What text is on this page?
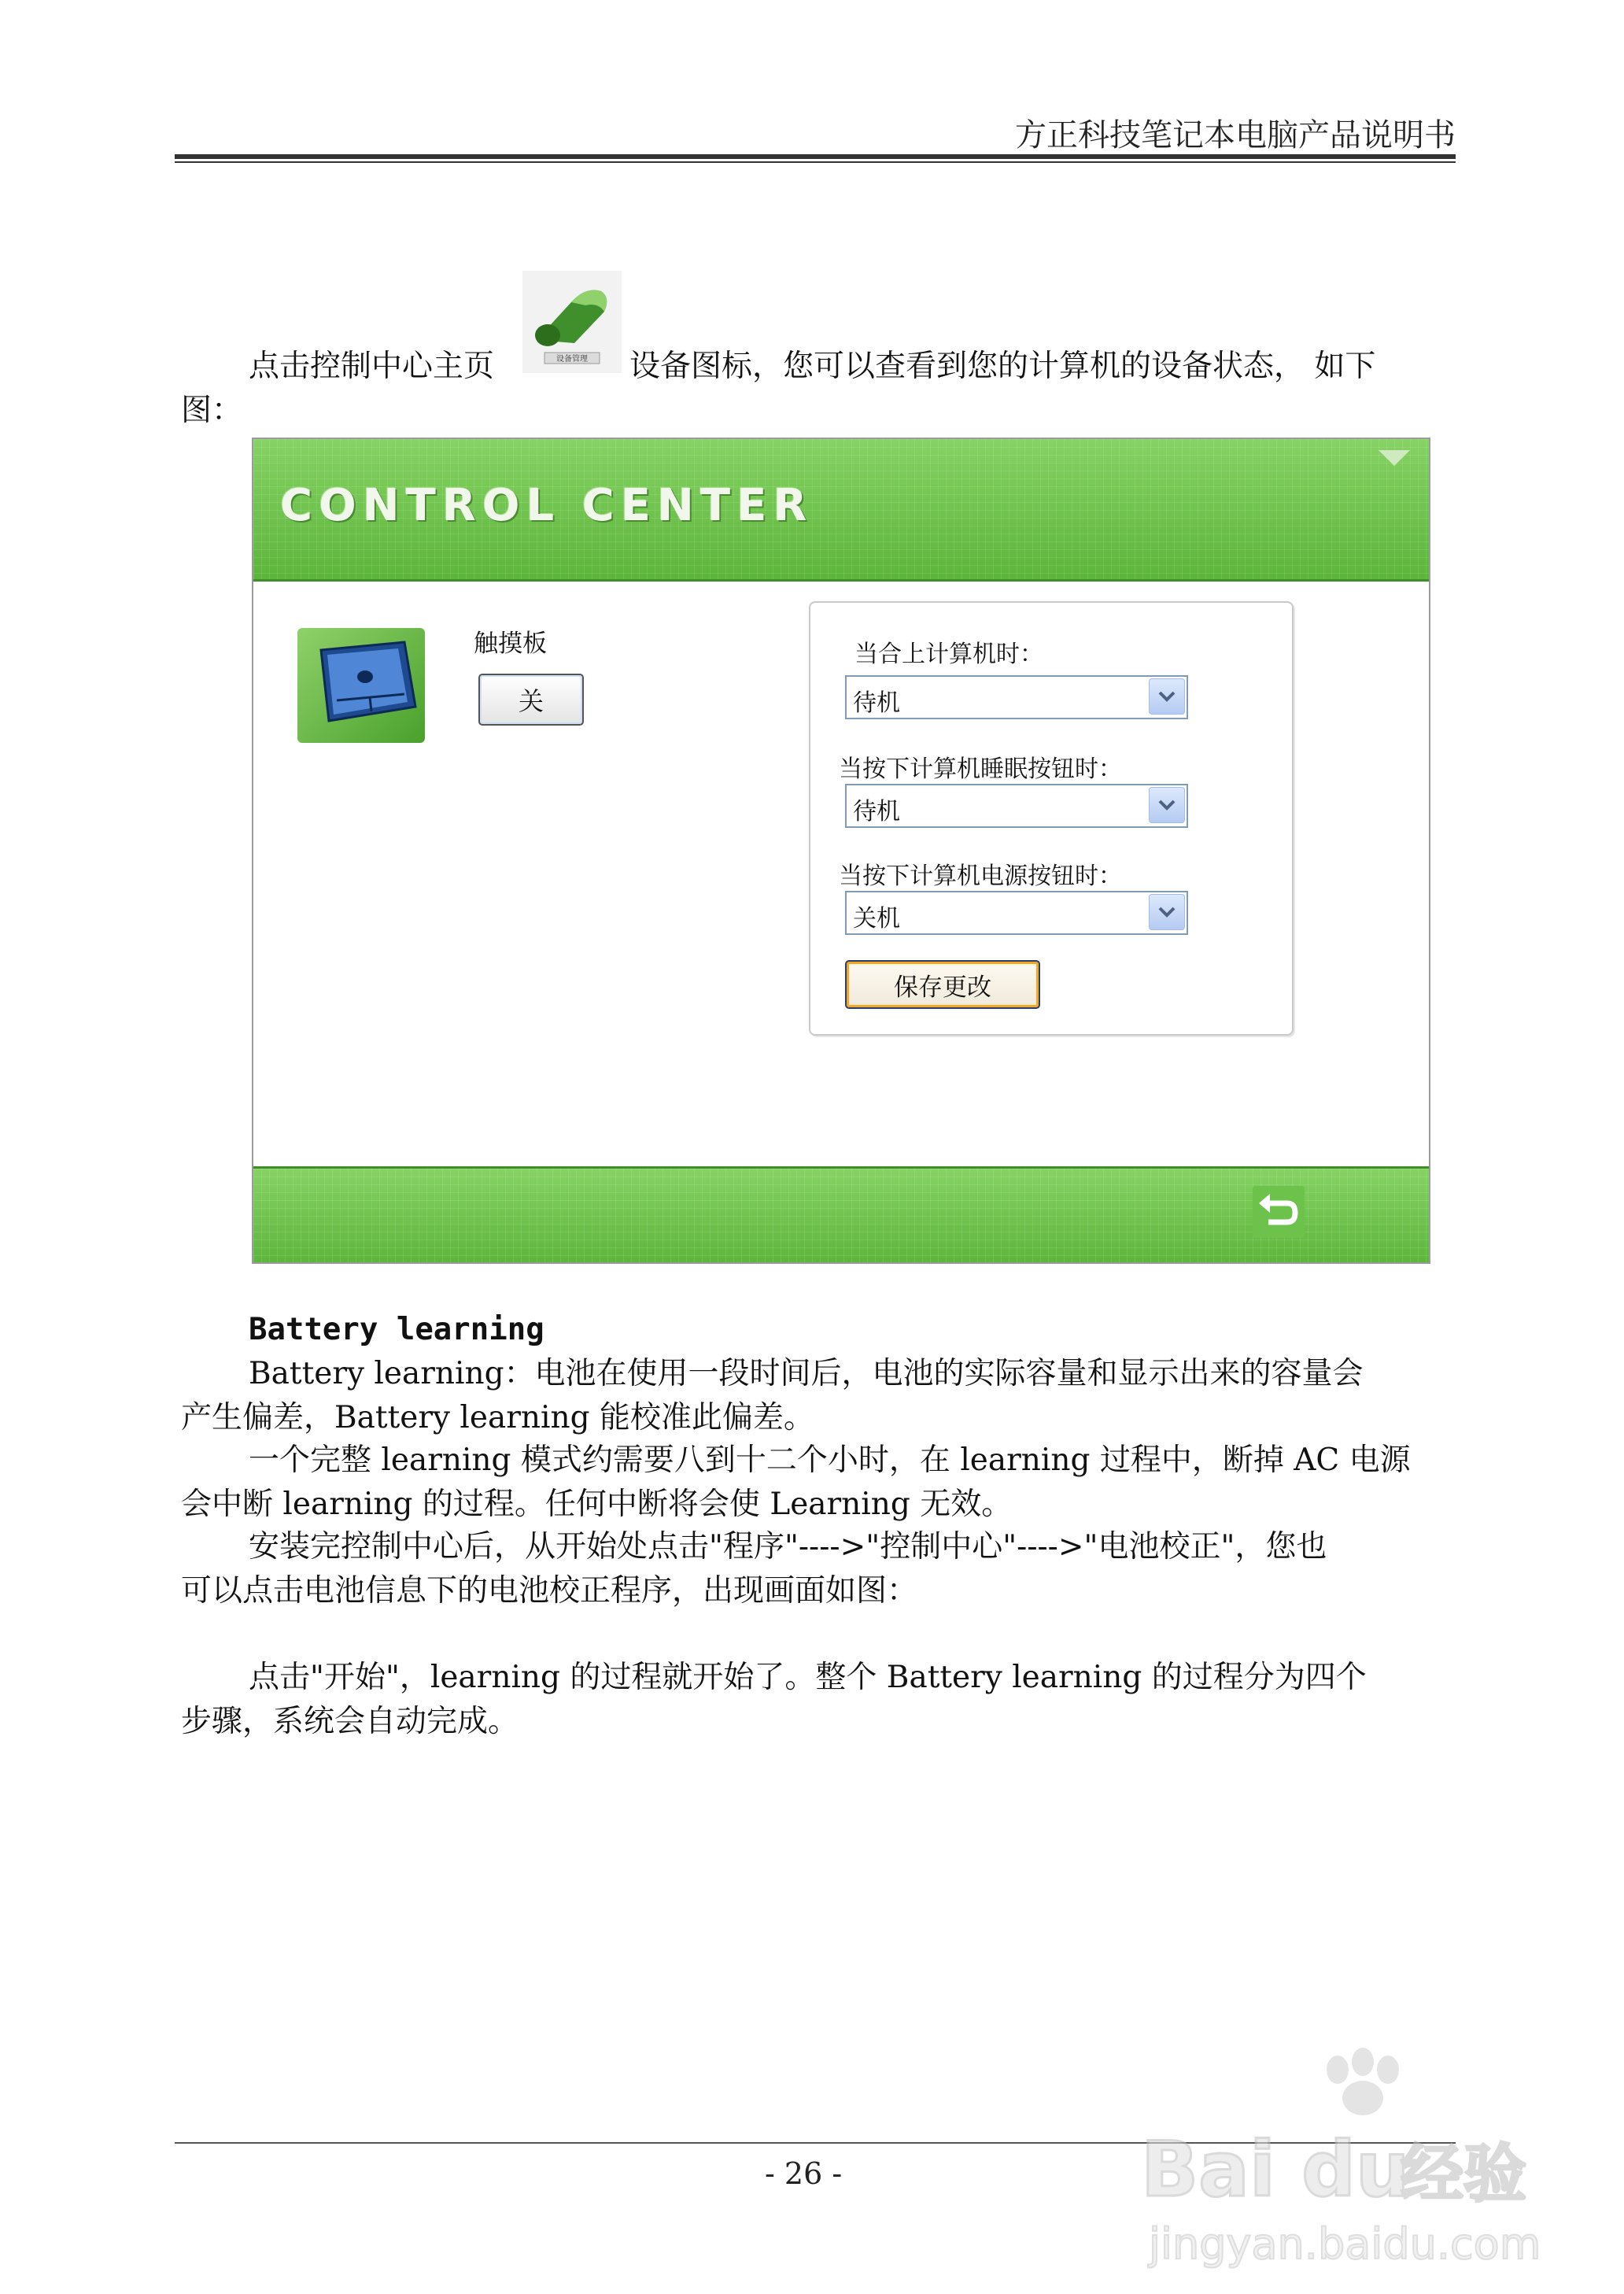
方正科技笔记本电脑产品说明书
点击控制中心主页	设备管理 设备图标，您可以查看到您的计算机的设备状态， 如下
图：
CONTROL CENTER
触摸板
关
当合上计算机时：
待机
当按下计算机睡眠按钮时：
待机
当按下计算机电源按钮时：
关机
保存更改
Battery learning
Battery learning：电池在使用一段时间后，电池的实际容量和显示出来的容量会
产生偏差，Battery learning 能校准此偏差。
一个完整 learning 模式约需要八到十二个小时，在 learning 过程中，断掉 AC 电源
会中断 learning 的过程。任何中断将会使 Learning 无效。
安装完控制中心后，从开始处点击"程序"---->"控制中心"---->"电池校正"，您也
可以点击电池信息下的电池校正程序，出现画面如图：
点击"开始"，learning 的过程就开始了。整个 Battery learning 的过程分为四个
步骤，系统会自动完成。
- 26 -	Bai du
经验
jingyan.baidu.com
